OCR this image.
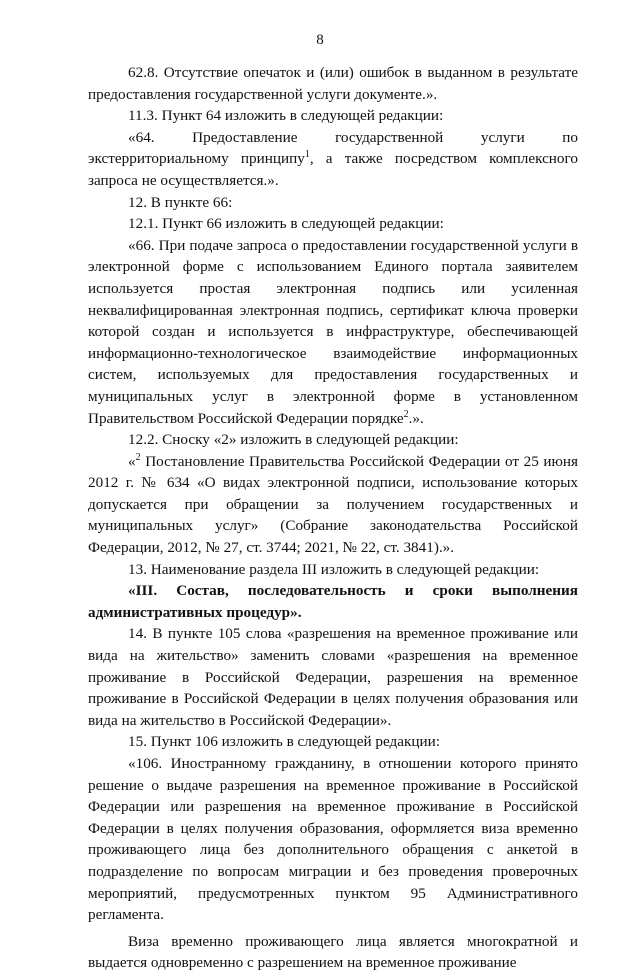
8

62.8. Отсутствие опечаток и (или) ошибок в выданном в результате предоставления государственной услуги документе.».

11.3. Пункт 64 изложить в следующей редакции:

«64. Предоставление государственной услуги по экстерриториальному принципу$^1$, а также посредством комплексного запроса не осуществляется.».

12. В пункте 66:

12.1. Пункт 66 изложить в следующей редакции:

«66. При подаче запроса о предоставлении государственной услуги в электронной форме с использованием Единого портала заявителем используется простая электронная подпись или усиленная неквалифицированная электронная подпись, сертификат ключа проверки которой создан и используется в инфраструктуре, обеспечивающей информационно-технологическое взаимодействие информационных систем, используемых для предоставления государственных и муниципальных услуг в электронной форме в установленном Правительством Российской Федерации порядке$^2$.».

12.2. Сноску «2» изложить в следующей редакции:

«$^2$ Постановление Правительства Российской Федерации от 25 июня 2012 г. № 634 «О видах электронной подписи, использование которых допускается при обращении за получением государственных и муниципальных услуг» (Собрание законодательства Российской Федерации, 2012, № 27, ст. 3744; 2021, № 22, ст. 3841).».

13. Наименование раздела III изложить в следующей редакции:

«III. Состав, последовательность и сроки выполнения административных процедур».

14. В пункте 105 слова «разрешения на временное проживание или вида на жительство» заменить словами «разрешения на временное проживание в Российской Федерации, разрешения на временное проживание в Российской Федерации в целях получения образования или вида на жительство в Российской Федерации».

15. Пункт 106 изложить в следующей редакции:

«106. Иностранному гражданину, в отношении которого принято решение о выдаче разрешения на временное проживание в Российской Федерации или разрешения на временное проживание в Российской Федерации в целях получения образования, оформляется виза временно проживающего лица без дополнительного обращения с анкетой в подразделение по вопросам миграции и без проведения проверочных мероприятий, предусмотренных пунктом 95 Административного регламента.

Виза временно проживающего лица является многократной и выдается одновременно с разрешением на временное проживание
